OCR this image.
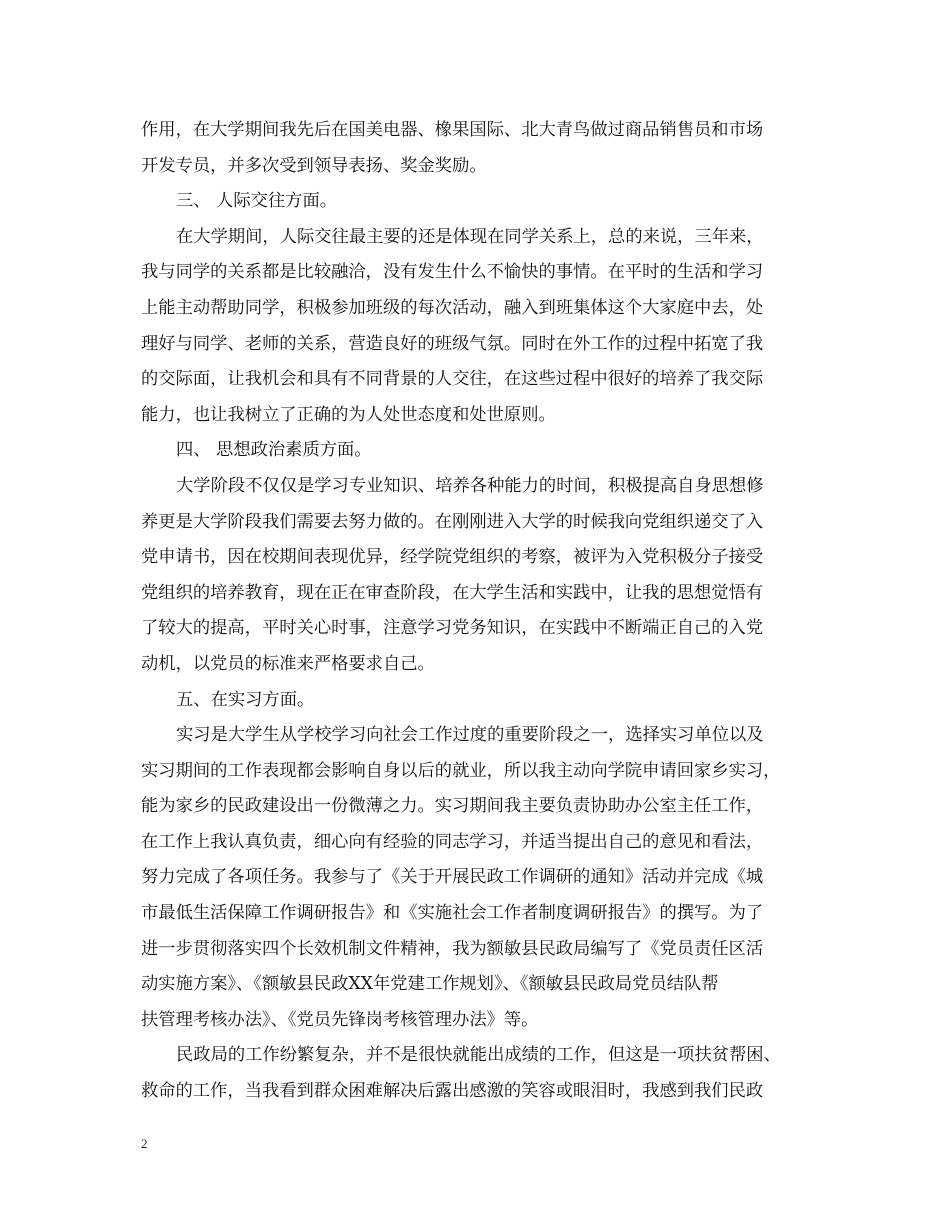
作用，在大学期间我先后在国美电器、橡果国际、北大青鸟做过商品销售员和市场
开发专员，并多次受到领导表扬、奖金奖励。
三、 人际交往方面。
在大学期间，人际交往最主要的还是体现在同学关系上，总的来说，三年来，
我与同学的关系都是比较融洽，没有发生什么不愉快的事情。在平时的生活和学习
上能主动帮助同学，积极参加班级的每次活动，融入到班集体这个大家庭中去，处
理好与同学、老师的关系，营造良好的班级气氛。同时在外工作的过程中拓宽了我
的交际面，让我机会和具有不同背景的人交往，在这些过程中很好的培养了我交际
能力，也让我树立了正确的为人处世态度和处世原则。
四、 思想政治素质方面。
大学阶段不仅仅是学习专业知识、培养各种能力的时间，积极提高自身思想修
养更是大学阶段我们需要去努力做的。在刚刚进入大学的时候我向党组织递交了入
党申请书，因在校期间表现优异，经学院党组织的考察，被评为入党积极分子接受
党组织的培养教育，现在正在审查阶段，在大学生活和实践中，让我的思想觉悟有
了较大的提高，平时关心时事，注意学习党务知识，在实践中不断端正自己的入党
动机，以党员的标准来严格要求自己。
五、在实习方面。
实习是大学生从学校学习向社会工作过度的重要阶段之一，选择实习单位以及
实习期间的工作表现都会影响自身以后的就业，所以我主动向学院申请回家乡实习，
能为家乡的民政建设出一份微薄之力。实习期间我主要负责协助办公室主任工作，
在工作上我认真负责，细心向有经验的同志学习，并适当提出自己的意见和看法，
努力完成了各项任务。我参与了《关于开展民政工作调研的通知》活动并完成《城
市最低生活保障工作调研报告》和《实施社会工作者制度调研报告》的撰写。为了
进一步贯彻落实四个长效机制文件精神，我为额敏县民政局编写了《党员责任区活
动实施方案》、《额敏县民政XX年党建工作规划》、《额敏县民政局党员结队帮
扶管理考核办法》、《党员先锋岗考核管理办法》等。
民政局的工作纷繁复杂，并不是很快就能出成绩的工作，但这是一项扶贫帮困、
救命的工作，当我看到群众困难解决后露出感激的笑容或眼泪时，我感到我们民政
2
